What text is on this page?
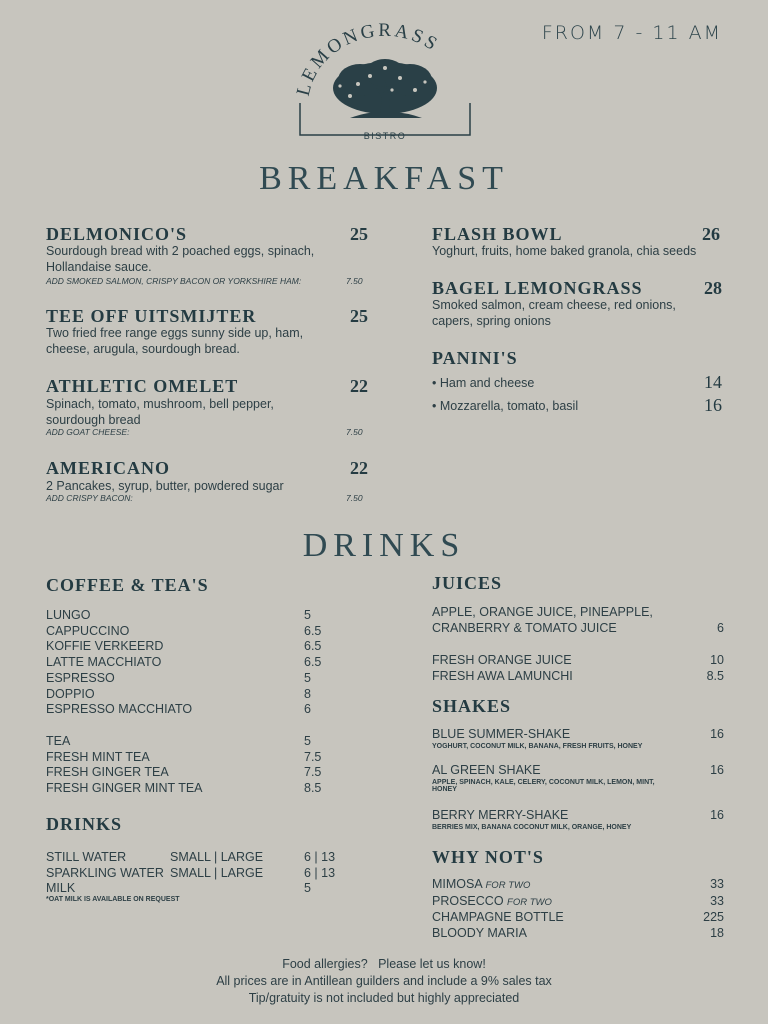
FROM 7 - 11 AM
LEMONGRASS
BISTRO
BREAKFAST
DELMONICO'S	25
Sourdough bread with 2 poached eggs, spinach,
Hollandaise sauce.
ADD SMOKED SALMON, CRISPY BACON OR YORKSHIRE HAM:	7.50
TEE OFF UITSMIJTER	25
Two fried free range eggs sunny side up, ham,
cheese, arugula, sourdough bread.
ATHLETIC OMELET	22
Spinach, tomato, mushroom, bell pepper,
sourdough bread
ADD GOAT CHEESE:	7.50
AMERICANO	22
2 Pancakes, syrup, butter, powdered sugar
ADD CRISPY BACON:	7.50
FLASH BOWL	26
Yoghurt, fruits, home baked granola, chia seeds
BAGEL LEMONGRASS	28
Smoked salmon, cream cheese, red onions,
capers, spring onions
PANINI'S
• Ham and cheese	14
• Mozzarella, tomato, basil	16
DRINKS
COFFEE & TEA'S
LUNGO	5
CAPPUCCINO	6.5
KOFFIE VERKEERD	6.5
LATTE MACCHIATO	6.5
ESPRESSO	5
DOPPIO	8
ESPRESSO MACCHIATO	6
TEA	5
FRESH MINT TEA	7.5
FRESH GINGER TEA	7.5
FRESH GINGER MINT TEA	8.5
DRINKS
STILL WATER	SMALL | LARGE	6 | 13
SPARKLING WATER SMALL | LARGE	6 | 13
MILK	5
*OAT MILK IS AVAILABLE ON REQUEST
JUICES
APPLE, ORANGE JUICE, PINEAPPLE,
CRANBERRY & TOMATO JUICE	6
FRESH ORANGE JUICE	10
FRESH AWA LAMUNCHI	8.5
SHAKES
BLUE SUMMER-SHAKE	16
YOGHURT, COCONUT MILK, BANANA, FRESH FRUITS, HONEY
AL GREEN SHAKE	16
APPLE, SPINACH, KALE, CELERY, COCONUT MILK, LEMON, MINT,
HONEY
BERRY MERRY-SHAKE	16
BERRIES MIX, BANANA COCONUT MILK, ORANGE, HONEY
WHY NOT'S
MIMOSA FOR TWO	33
PROSECCO FOR TWO	33
CHAMPAGNE BOTTLE	225
BLOODY MARIA	18
Food allergies?   Please let us know!
All prices are in Antillean guilders and include a 9% sales tax
Tip/gratuity is not included but highly appreciated
